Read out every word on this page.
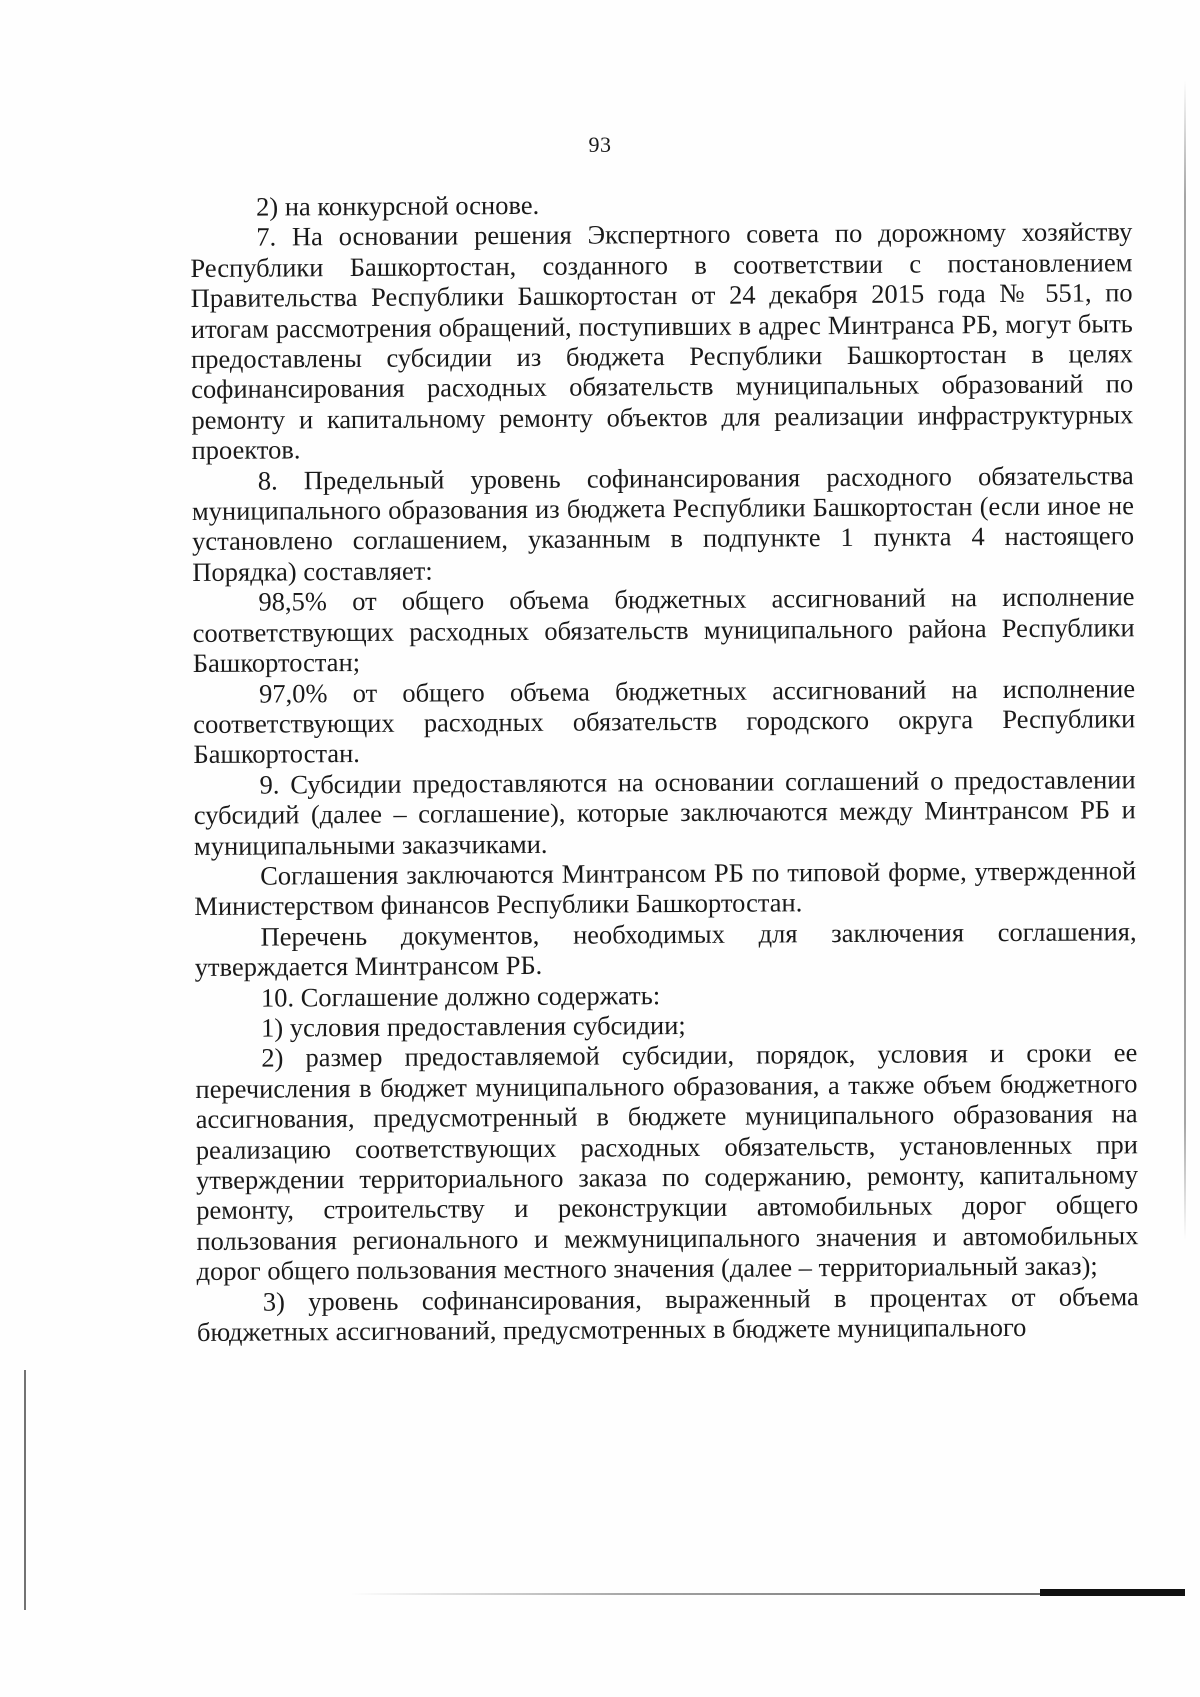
93

2) на конкурсной основе.

7. На основании решения Экспертного совета по дорожному хозяйству Республики Башкортостан, созданного в соответствии с постановлением Правительства Республики Башкортостан от 24 декабря 2015 года № 551, по итогам рассмотрения обращений, поступивших в адрес Минтранса РБ, могут быть предоставлены субсидии из бюджета Республики Башкортостан в целях софинансирования расходных обязательств муниципальных образований по ремонту и капитальному ремонту объектов для реализации инфраструктурных проектов.

8. Предельный уровень софинансирования расходного обязательства муниципального образования из бюджета Республики Башкортостан (если иное не установлено соглашением, указанным в подпункте 1 пункта 4 настоящего Порядка) составляет:

98,5% от общего объема бюджетных ассигнований на исполнение соответствующих расходных обязательств муниципального района Республики Башкортостан;

97,0% от общего объема бюджетных ассигнований на исполнение соответствующих расходных обязательств городского округа Республики Башкортостан.

9. Субсидии предоставляются на основании соглашений о предоставлении субсидий (далее – соглашение), которые заключаются между Минтрансом РБ и муниципальными заказчиками.

Соглашения заключаются Минтрансом РБ по типовой форме, утвержденной Министерством финансов Республики Башкортостан.

Перечень документов, необходимых для заключения соглашения, утверждается Минтрансом РБ.

10. Соглашение должно содержать:

1) условия предоставления субсидии;

2) размер предоставляемой субсидии, порядок, условия и сроки ее перечисления в бюджет муниципального образования, а также объем бюджетного ассигнования, предусмотренный в бюджете муниципального образования на реализацию соответствующих расходных обязательств, установленных при утверждении территориального заказа по содержанию, ремонту, капитальному ремонту, строительству и реконструкции автомобильных дорог общего пользования регионального и межмуниципального значения и автомобильных дорог общего пользования местного значения (далее – территориальный заказ);

3) уровень софинансирования, выраженный в процентах от объема бюджетных ассигнований, предусмотренных в бюджете муниципального
